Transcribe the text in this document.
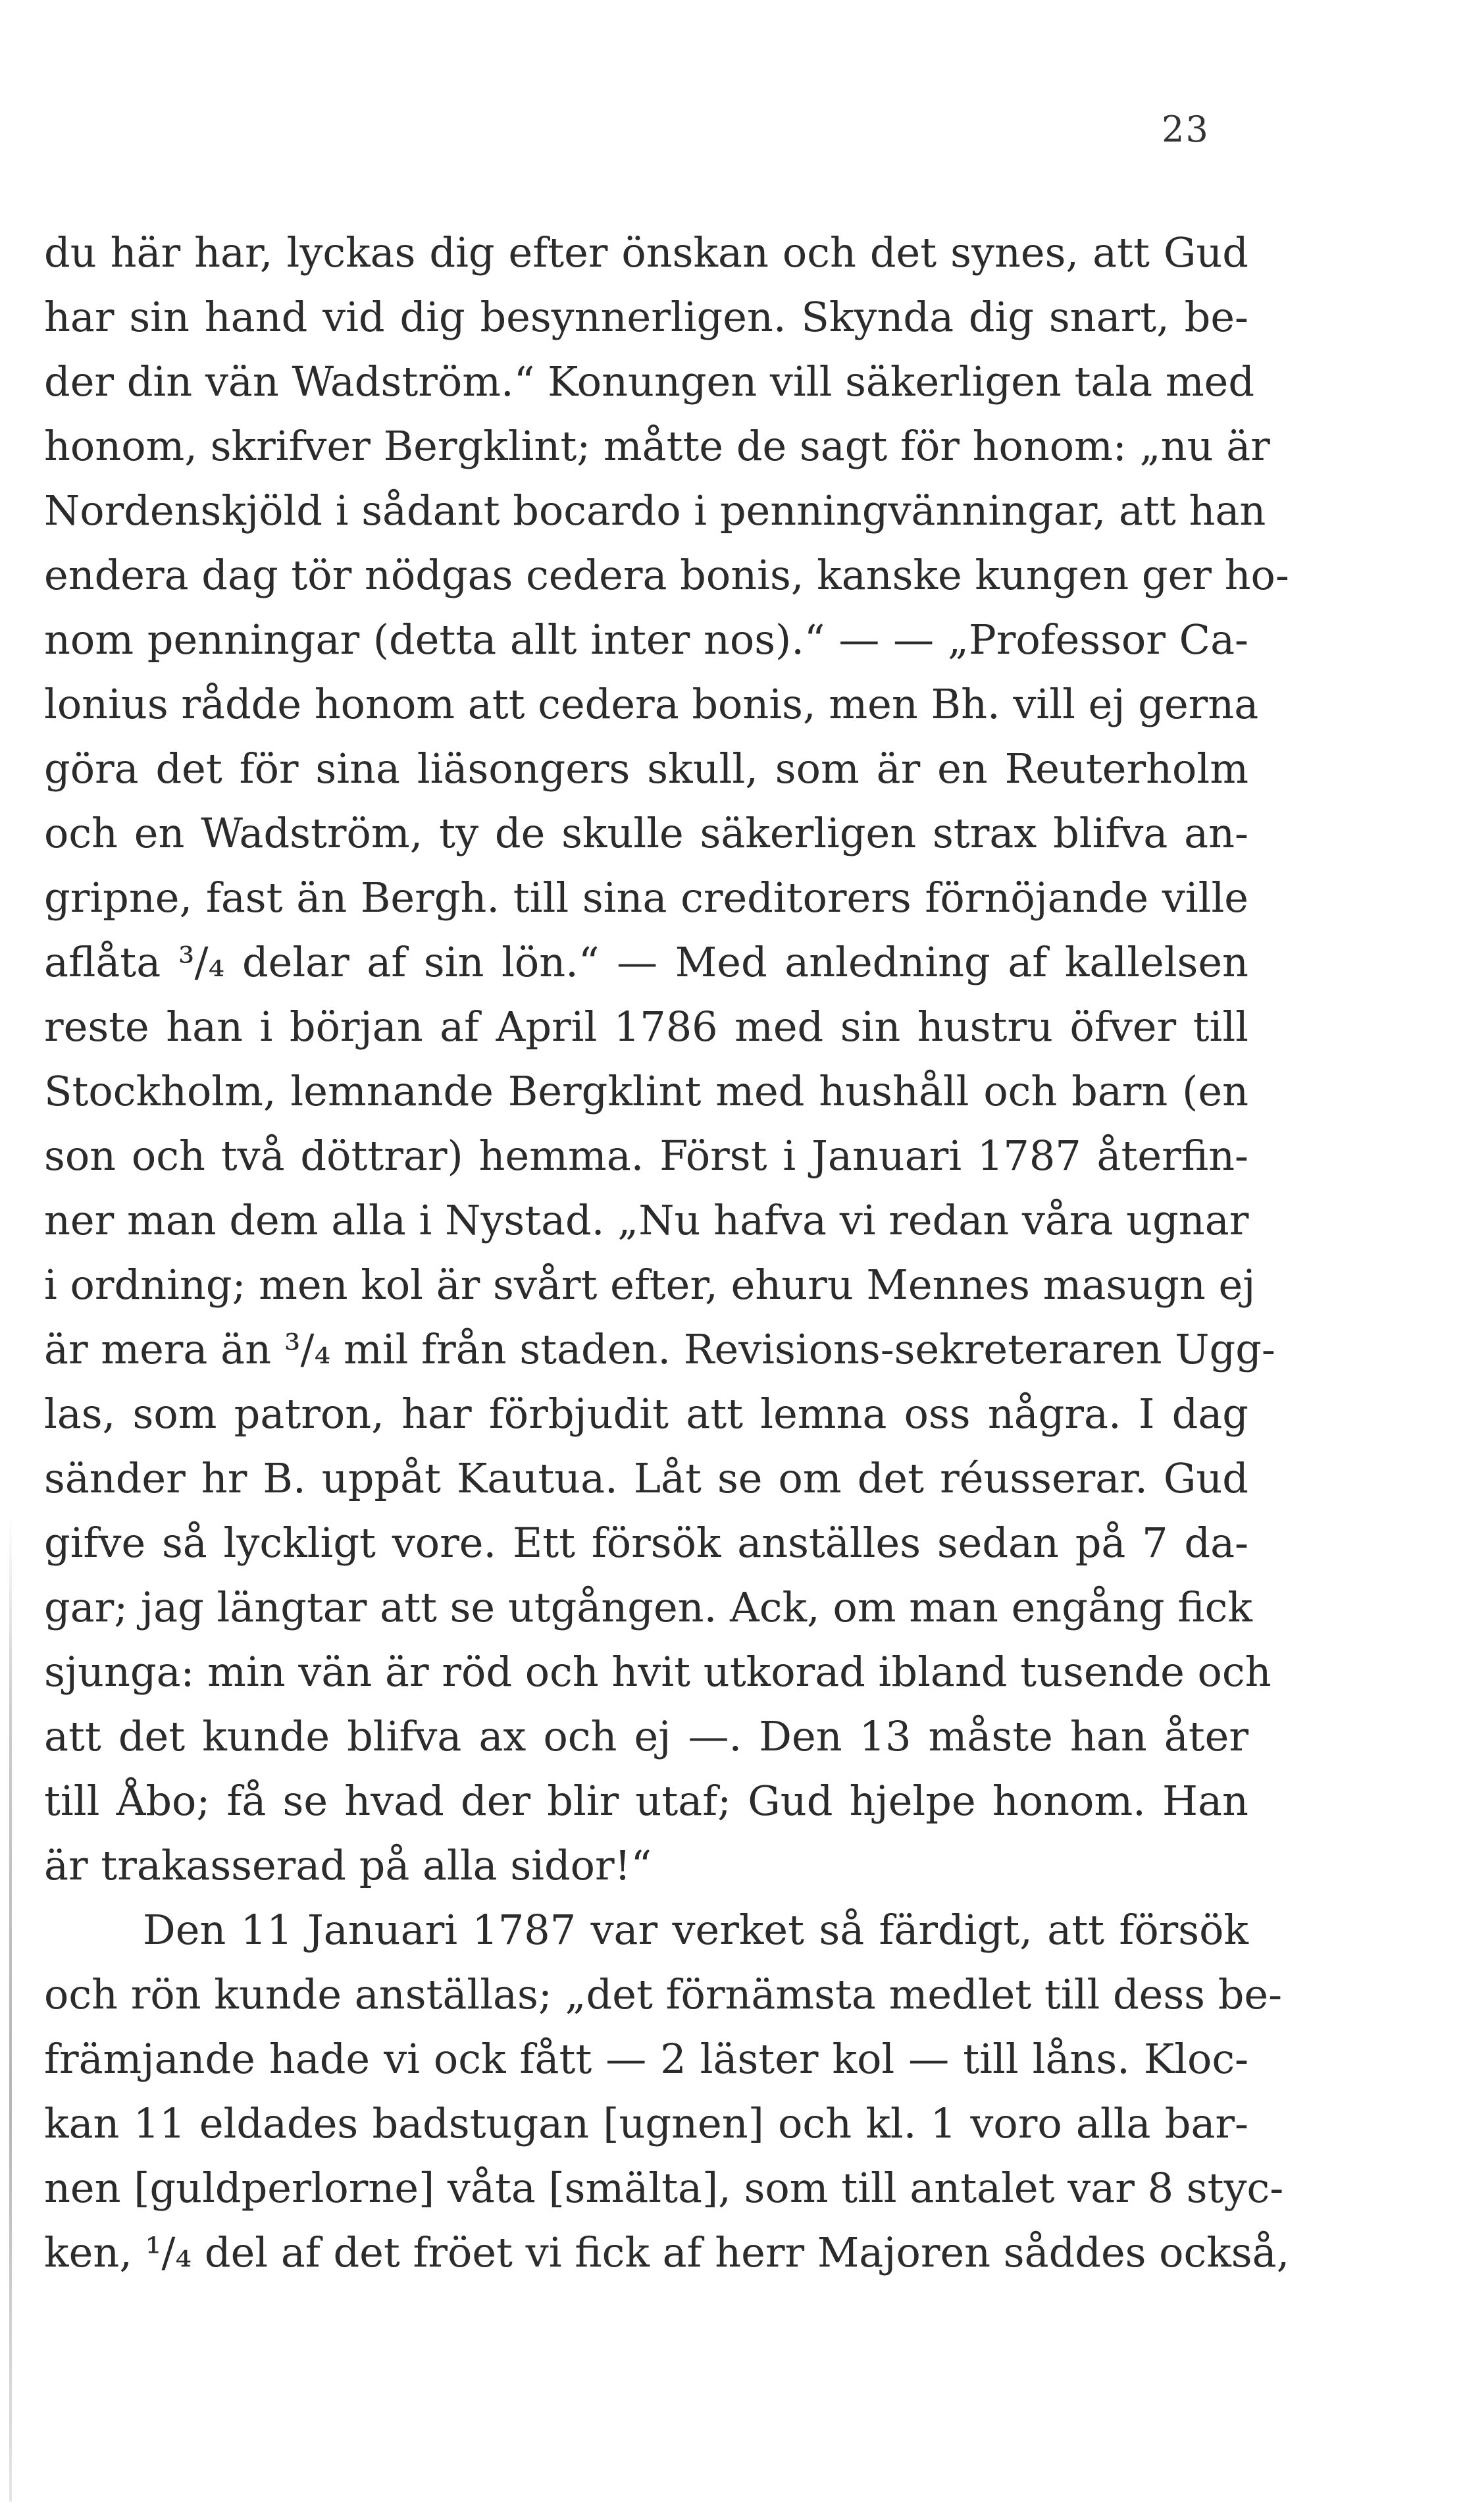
23
du här har, lyckas dig efter önskan och det synes, att Gud
har sin hand vid dig besynnerligen. Skynda dig snart, be-
der din vän Wadström.“ Konungen vill säkerligen tala med
honom, skrifver Bergklint; måtte de sagt för honom: „nu är
Nordenskjöld i sådant bocardo i penningvänningar, att han
endera dag tör nödgas cedera bonis, kanske kungen ger ho-
nom penningar (detta allt inter nos).“ — — „Professor Ca-
lonius rådde honom att cedera bonis, men Bh. vill ej gerna
göra det för sina liäsongers skull, som är en Reuterholm
och en Wadström, ty de skulle säkerligen strax blifva an-
gripne, fast än Bergh. till sina creditorers förnöjande ville
aflåta ³/₄ delar af sin lön.“ — Med anledning af kallelsen
reste han i början af April 1786 med sin hustru öfver till
Stockholm, lemnande Bergklint med hushåll och barn (en
son och två döttrar) hemma. Först i Januari 1787 återfin-
ner man dem alla i Nystad. „Nu hafva vi redan våra ugnar
i ordning; men kol är svårt efter, ehuru Mennes masugn ej
är mera än ³/₄ mil från staden. Revisions-sekreteraren Ugg-
las, som patron, har förbjudit att lemna oss några. I dag
sänder hr B. uppåt Kautua. Låt se om det réusserar. Gud
gifve så lyckligt vore. Ett försök anställes sedan på 7 da-
gar; jag längtar att se utgången. Ack, om man engång fick
sjunga: min vän är röd och hvit utkorad ibland tusende och
att det kunde blifva ax och ej —. Den 13 måste han åter
till Åbo; få se hvad der blir utaf; Gud hjelpe honom. Han
är trakasserad på alla sidor!“
Den 11 Januari 1787 var verket så färdigt, att försök
och rön kunde anställas; „det förnämsta medlet till dess be-
främjande hade vi ock fått — 2 läster kol — till låns. Kloc-
kan 11 eldades badstugan [ugnen] och kl. 1 voro alla bar-
nen [guldperlorne] våta [smälta], som till antalet var 8 styc-
ken, ¹/₄ del af det fröet vi fick af herr Majoren såddes också,
